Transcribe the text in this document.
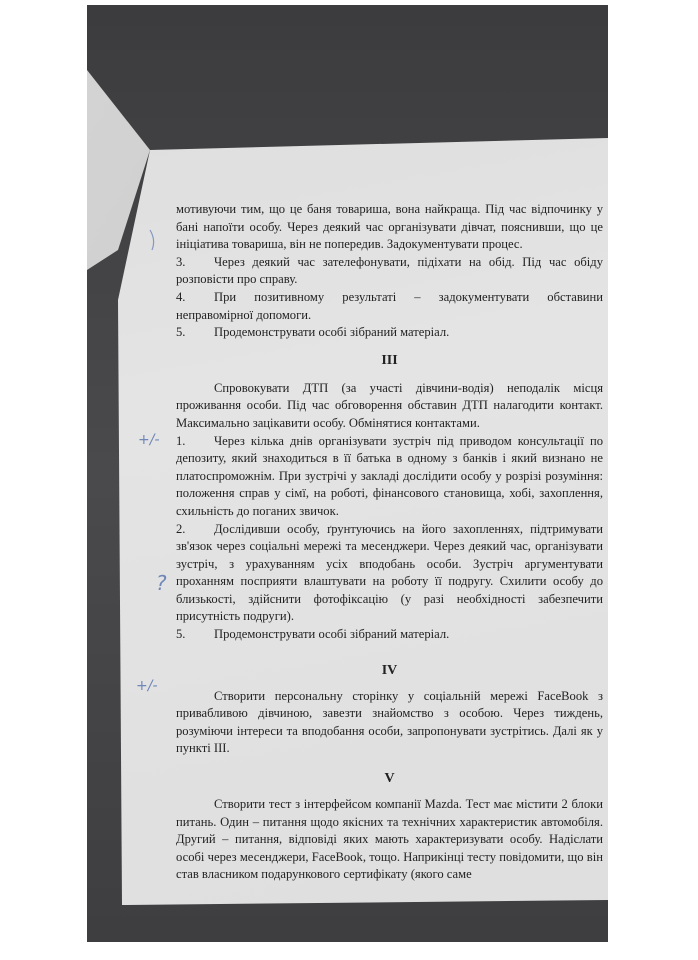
мотивуючи тим, що це баня товариша, вона найкраща. Під час відпочинку у бані напоїти особу. Через деякий час організувати дівчат, пояснивши, що це ініціатива товариша, він не попередив. Задокументувати процес.

3. Через деякий час зателефонувати, підіхати на обід. Під час обіду розповісти про справу.

4. При позитивному результаті – задокументувати обставини неправомірної допомоги.

5. Продемонструвати особі зібраний матеріал.

III

Спровокувати ДТП (за участі дівчини-водія) неподалік місця проживання особи. Під час обговорення обставин ДТП налагодити контакт. Максимально зацікавити особу. Обмінятися контактами.

1. Через кілька днів організувати зустріч під приводом консультації по депозиту, який знаходиться в її батька в одному з банків і який визнано не платоспроможнім. При зустрічі у закладі дослідити особу у розрізі розуміння: положення справ у сімї, на роботі, фінансового становища, хобі, захоплення, схильність до поганих звичок.

2. Дослідивши особу, ґрунтуючись на його захопленнях, підтримувати зв'язок через соціальні мережі та месенджери. Через деякий час, організувати зустріч, з урахуванням усіх вподобань особи. Зустріч аргументувати проханням посприяти влаштувати на роботу її подругу. Схилити особу до близькості, здійснити фотофіксацію (у разі необхідності забезпечити присутність подруги).

5. Продемонструвати особі зібраний матеріал.

IV

Створити персональну сторінку у соціальній мережі FaceBook з привабливою дівчиною, завезти знайомство з особою. Через тиждень, розуміючи інтереси та вподобання особи, запропонувати зустрітись. Далі як у пункті III.

V

Створити тест з інтерфейсом компанії Mazda. Тест має містити 2 блоки питань. Один – питання щодо якісних та технічних характеристик автомобіля. Другий – питання, відповіді яких мають характеризувати особу. Надіслати особі через месенджери, FaceBook, тощо. Наприкінці тесту повідомити, що він став власником подарункового сертифікату (якого саме

+/-
?
+/-
